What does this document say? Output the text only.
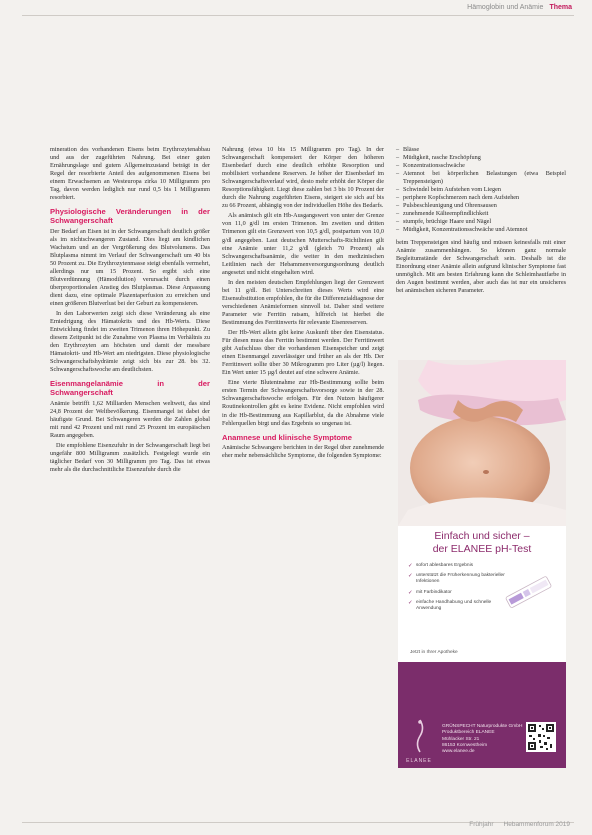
Hämoglobin und Anämie Thema

mineration des vorhandenen Eisens beim Erythrozytenabbau und aus der zugeführten Nahrung. Bei einer guten Ernährungslage und gutem Allgemeinzustand beträgt in der Regel der resorbierte Anteil des aufgenommenen Eisens bei einem Erwachsenen an Westeuropa zirka 10 Milligramm pro Tag, davon werden lediglich nur rund 0,5 bis 1 Milligramm resorbiert.

Physiologische Veränderungen in der Schwangerschaft

Der Bedarf an Eisen ist in der Schwangerschaft deutlich größer als im nichtschwangeren Zustand. Dies liegt am kindlichen Wachstum und an der Vergrößerung des Blutvolumens. Das Blutplasma nimmt im Verlauf der Schwangerschaft um 40 bis 50 Prozent zu. Die Erythrozytenmasse steigt ebenfalls vermehrt, allerdings nur um 15 Prozent. So ergibt sich eine Blutverdünnung (Hämodilution) verursacht durch einen überproportionalen Anstieg des Blutplasmas. Diese Anpassung dient dazu, eine optimale Plazentaperfusion zu erreichen und einen größeren Blutverlust bei der Geburt zu kompensieren.

In den Laborwerten zeigt sich diese Veränderung als eine Erniedrigung des Hämatokrits und des Hb-Werts. Diese Entwicklung findet im zweiten Trimenon ihren Höhepunkt. Zu diesem Zeitpunkt ist die Zunahme von Plasma im Verhältnis zu den Erythrozyten am höchsten und damit der messbare Hämatokrit- und Hb-Wert am niedrigsten. Diese physiologische Schwangerschaftshydrämie zeigt sich bis zur 28. bis 32. Schwangerschaftswoche am deutlichsten.

Eisenmangelanämie in der Schwangerschaft

Anämie betrifft 1,62 Milliarden Menschen weltweit, das sind 24,8 Prozent der Weltbevölkerung. Eisenmangel ist dabei der häufigste Grund. Bei Schwangeren werden die Zahlen global mit rund 42 Prozent und mit rund 25 Prozent im europäischen Raum angegeben.

Die empfohlene Eisenzufuhr in der Schwangerschaft liegt bei ungefähr 800 Milligramm zusätzlich. Festgelegt wurde ein täglicher Bedarf von 30 Milligramm pro Tag. Das ist etwas mehr als die durchschnittliche Eisenzufuhr durch die

Nahrung (etwa 10 bis 15 Milligramm pro Tag). In der Schwangerschaft kompensiert der Körper den höheren Eisenbedarf durch eine deutlich erhöhte Resorption und mobilisiert vorhandene Reserven. Je höher der Eisenbedarf im Schwangerschaftsverlauf wird, desto mehr erhöht der Körper die Resorptionsfähigkeit. Liegt diese zahlen bei 3 bis 10 Prozent der durch die Nahrung zugeführten Eisens, steigert sie sich auf bis zu 66 Prozent, abhängig von der individuellen Höhe des Bedarfs.

Als anämisch gilt ein Hb-Ausgangswert von unter der Grenze von 11,0 g/dl im ersten Trimenon. Im zweiten und dritten Trimenon gilt ein Grenzwert von 10,5 g/dl, postpartum von 10,0 g/dl angegeben. Laut deutschen Mutterschafts-Richtlinien gilt eine Anämie unter 11,2 g/dl (gleich 70 Prozent) als Schwangerschaftsanämie, die weiter in den medizinischen Leitlinien nach der Hebammenversorgungsordnung deutlich angesetzt und nicht eingehalten wird.

In den meisten deutschen Empfehlungen liegt der Grenzwert bei 11 g/dl. Bei Unterschreiten dieses Werts wird eine Eisensubstitution empfohlen, die für die Differenzialdiagnose der verschiedenen Anämieformen sinnvoll ist. Daher sind weitere Parameter wie Ferritin ratsam, hilfreich ist hierbei die Bestimmung des Ferritinwerts für relevante Eisenreserven.

Der Hb-Wert allein gibt keine Auskunft über den Eisenstatus. Für diesen muss das Ferritin bestimmt werden. Der Ferritinwert gibt Aufschluss über die vorhandenen Eisenspeicher und zeigt einen Eisenmangel zuverlässiger und früher an als der Hb. Der Ferritinwert sollte über 30 Mikrogramm pro Liter (µg/l) liegen. Ein Wert unter 15 µg/l deutet auf eine schwere Anämie.

Eine vierte Blutentnahme zur Hb-Bestimmung sollte beim ersten Termin der Schwangerschaftsvorsorge sowie in der 28. Schwangerschaftswoche erfolgen. Für den Nutzen häufigerer Routinekontrollen gibt es keine Evidenz. Nicht empfohlen wird in die Hb-Bestimmung aus Kapillarblut, da die Abnahme viele Fehlerquellen birgt und das Ergebnis so ungenau ist.

Anamnese und klinische Symptome

Anämische Schwangere berichten in der Regel über zunehmende eher mehr nebensächliche Symptome, die folgenden Symptome:

– Blässe
– Müdigkeit, rasche Erschöpfung
– Konzentrationsschwäche
– Atemnot bei körperlichen Belastungen (etwa Beispiel Treppensteigen)
– Schwindel beim Aufstehen vom Liegen
– periphere Kopfschmerzen nach dem Aufstehen
– Pulsbeschleunigung und Ohrensausen
– zunehmende Kälteempfindlichkeit
– stumpfe, brüchige Haare und Nägel
– Müdigkeit, Konzentrationsschwäche und Atemnot

beim Treppensteigen sind häufig und müssen keinesfalls mit einer Anämie zusammenhängen. So können ganz normale Begleitumstände der Schwangerschaft sein. Deshalb ist die Einordnung einer Anämie allein aufgrund klinischer Symptome fast unmöglich. Mit am besten Erfahrung kann die Schleimhautfarbe in den Augen bestimmt werden, aber auch das ist nur ein unsicheres bei anämischen sicheren Parameter.

Einfach und sicher –
der ELANEE pH-Test
✓ sofort ablesbares Ergebnis
✓ unterstützt die Früherkennung bakterieller Infektionen
✓ mit Farbindikator
✓ einfache Handhabung und schnelle Anwendung
Jetzt in Ihrer Apotheke
ELANEE
GRÜNSPECHT Naturprodukte GmbH
Produktbereich ELANEE
Mühlacker Str. 21
86153 Kornwestheim
www.elanee.de
Frühjahr Hebammenforum 2019
